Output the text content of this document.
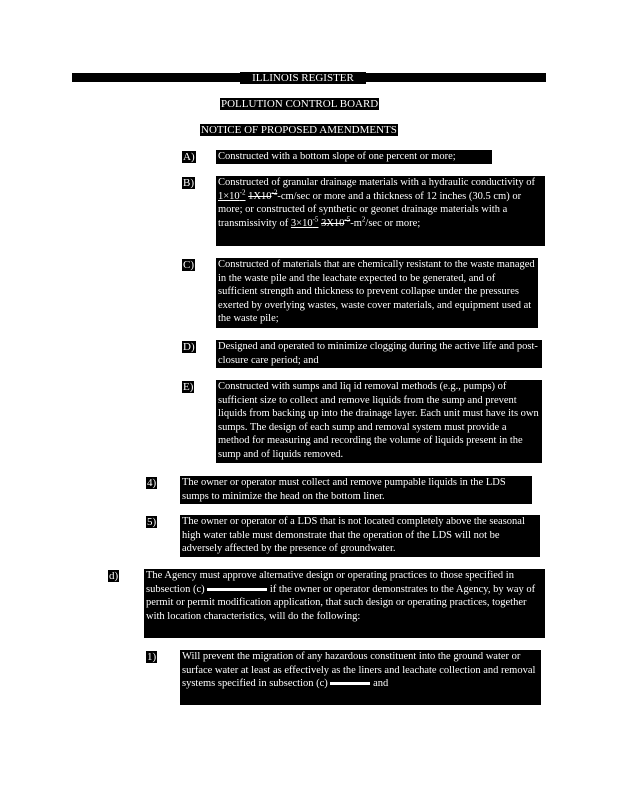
ILLINOIS REGISTER
POLLUTION CONTROL BOARD
NOTICE OF PROPOSED AMENDMENTS
A) Constructed with a bottom slope of one percent or more;
B) Constructed of granular drainage materials with a hydraulic conductivity of $1\times 10^{-2}$ $1X10^{-2}-cm/\sec$ or more and a thickness of 12 inches (30.5 cm) or more; or constructed of synthetic or geonet drainage materials with a transmissivity of $3\times 10^{-5}$ $3X10^{-5}-m^2/\sec$ or more;
C) Constructed of materials that are chemically resistant to the waste managed in the waste pile and the leachate expected to be generated, and of sufficient strength and thickness to prevent collapse under the pressures exerted by overlying wastes, waste cover materials, and equipment used at the waste pile;
D) Designed and operated to minimize clogging during the active life and post-closure care period; and
E) Constructed with sumps and liq id removal methods (e.g., pumps) of sufficient size to collect and remove liquids from the sump and prevent liquids from backing up into the drainage layer. Each unit must have its own sumps. The design of each sump and removal system must provide a method for measuring and recording the volume of liquids present in the sump and of liquids removed.
4) The owner or operator must collect and remove pumpable liquids in the LDS sumps to minimize the head on the bottom liner.
5) The owner or operator of a LDS that is not located completely above the seasonal high water table must demonstrate that the operation of the LDS will not be adversely affected by the presence of groundwater.
d)	The Agency must approve alternative design or operating practices to those specified in subsection (c)	if the owner or operator demonstrates to the Agency, by way of permit or permit modification application, that such design or operating practices, together with location characteristics, will do the following:
1) Will prevent the migration of any hazardous constituent into the ground water or surface water at least as effectively as the liners and leachate collection and removal systems specified in subsection (c)	and
